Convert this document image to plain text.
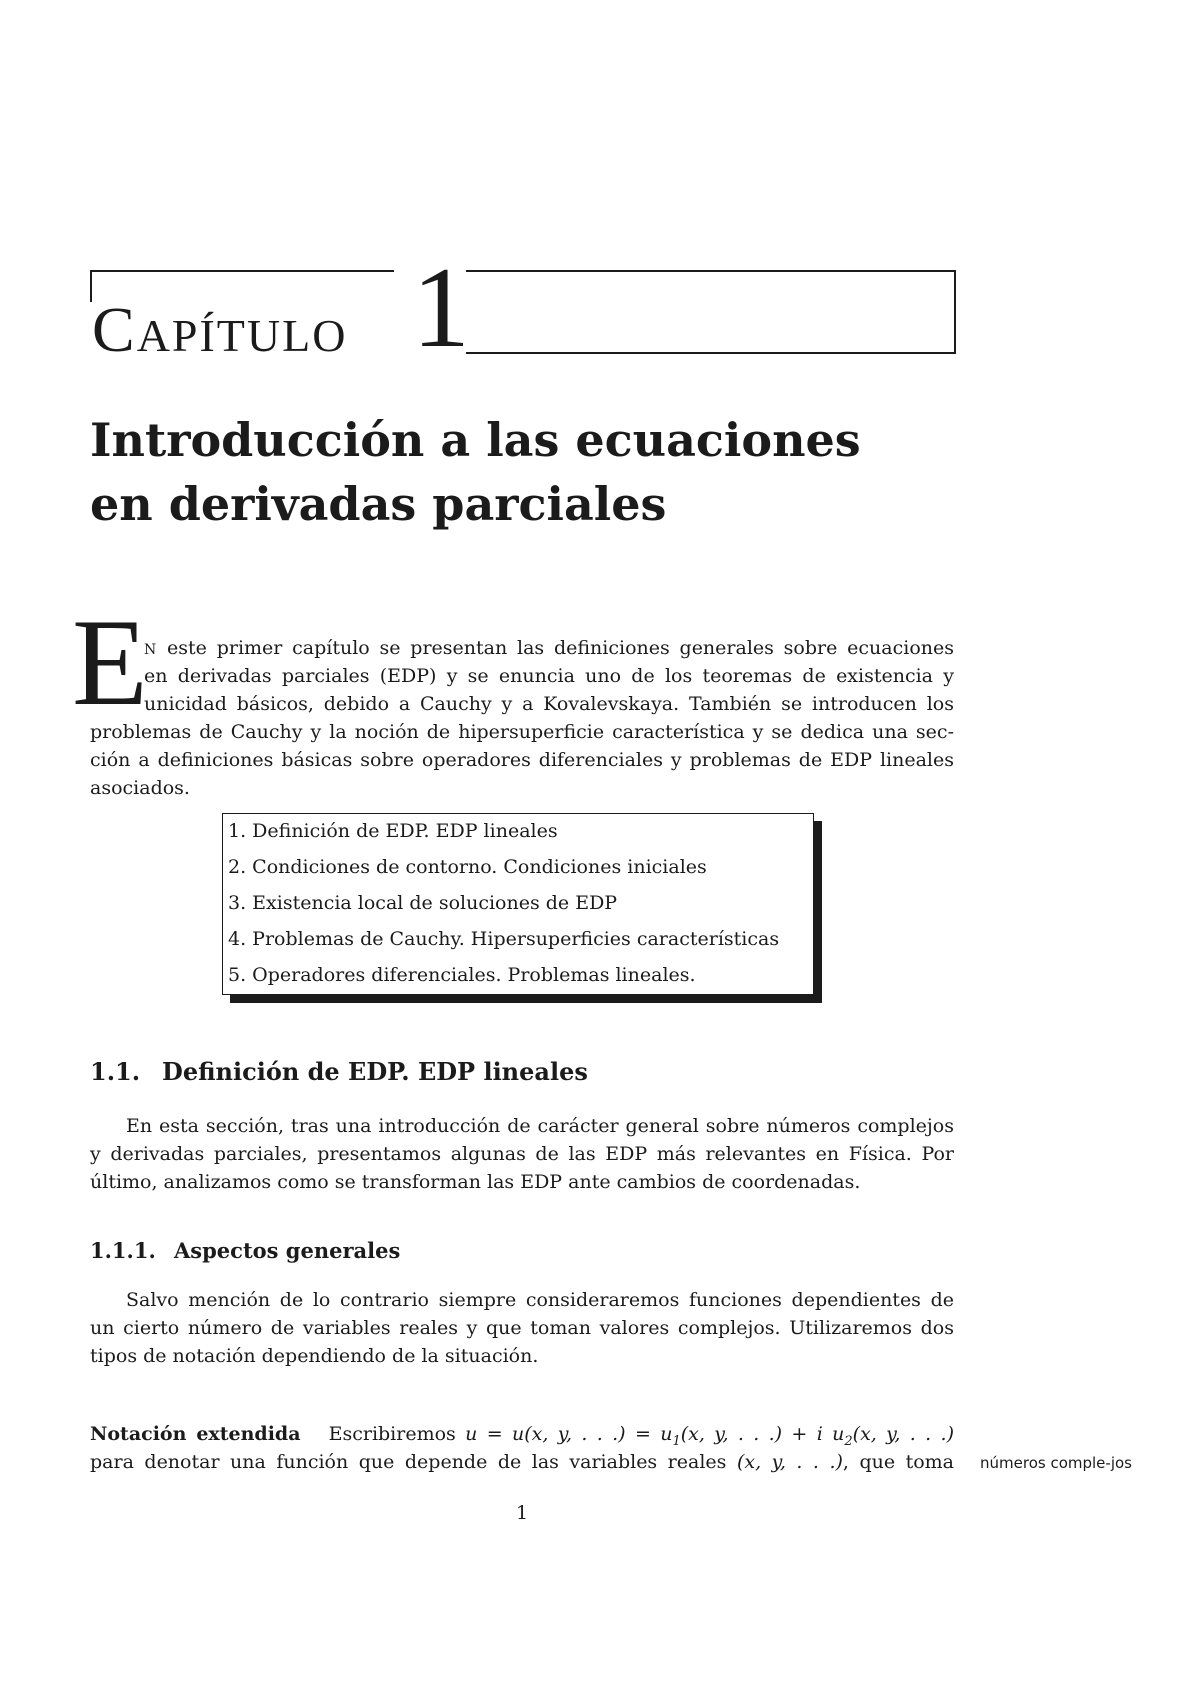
CAPÍTULO 1
Introducción a las ecuaciones
en derivadas parciales
E
N este primer capítulo se presentan las definiciones generales sobre ecuaciones
en derivadas parciales (EDP) y se enuncia uno de los teoremas de existencia y
unicidad básicos, debido a Cauchy y a Kovalevskaya. También se introducen los
problemas de Cauchy y la noción de hipersuperficie característica y se dedica una sec-
ción a definiciones básicas sobre operadores diferenciales y problemas de EDP lineales
asociados.
1. Definición de EDP. EDP lineales
2. Condiciones de contorno. Condiciones iniciales
3. Existencia local de soluciones de EDP
4. Problemas de Cauchy. Hipersuperficies características
5. Operadores diferenciales. Problemas lineales.
1.1. Definición de EDP. EDP lineales
En esta sección, tras una introducción de carácter general sobre números complejos
y derivadas parciales, presentamos algunas de las EDP más relevantes en Física. Por
último, analizamos como se transforman las EDP ante cambios de coordenadas.
1.1.1. Aspectos generales
Salvo mención de lo contrario siempre consideraremos funciones dependientes de
un cierto número de variables reales y que toman valores complejos. Utilizaremos dos
tipos de notación dependiendo de la situación.
Notación extendida Escribiremos u = u(x, y, . . .) = $u_1(x$, y, . . .) + i $u_2(x$, y, . . .)
para denotar una función que depende de las variables reales (x, y, . . .), que toma números comple-jos
1
